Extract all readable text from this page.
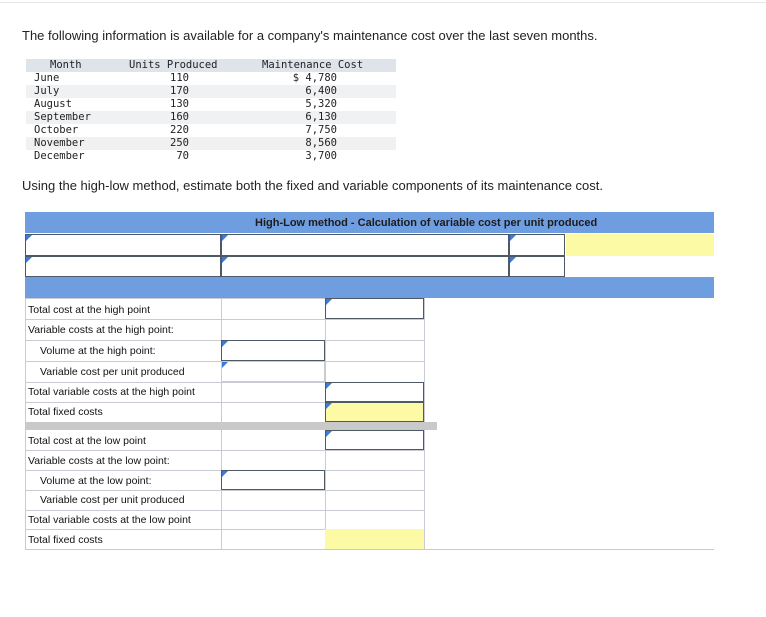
The following information is available for a company's maintenance cost over the last seven months.
Month	Units Produced	Maintenance Cost
June	110	$ 4,780
July	170	6,400
August	130	5,320
September	160	6,130
October	220	7,750
November	250	8,560
December	70	3,700
Using the high-low method, estimate both the fixed and variable components of its maintenance cost.
High-Low method - Calculation of variable cost per unit produced
Total cost at the high point
Variable costs at the high point:
Volume at the high point:
Variable cost per unit produced
Total variable costs at the high point
Total fixed costs
Total cost at the low point
Variable costs at the low point:
Volume at the low point:
Variable cost per unit produced
Total variable costs at the low point
Total fixed costs
